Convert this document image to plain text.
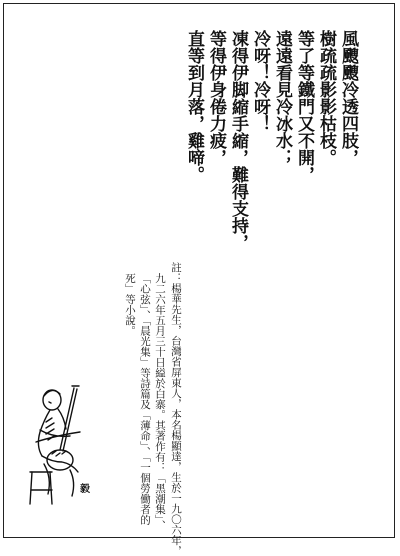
風颼颼冷透四肢，
樹疏疏影影枯枝。
等了等鐵門又不開，
遠遠看見冷冰水；
冷呀！冷呀！
凍得伊脚縮手縮，難得支持，
等得伊身倦力疲，
直等到月落，雞啼。
註：楊華先生，台灣省屏東人，本名楊顯達，生於一九〇六年，
九二六年五月三十日縊於白寨。其著作有：「黑潮集」、
「心弦」、「晨光集」等詩篇及「薄命」、「一個勞働者的
死」等小說。
毅
